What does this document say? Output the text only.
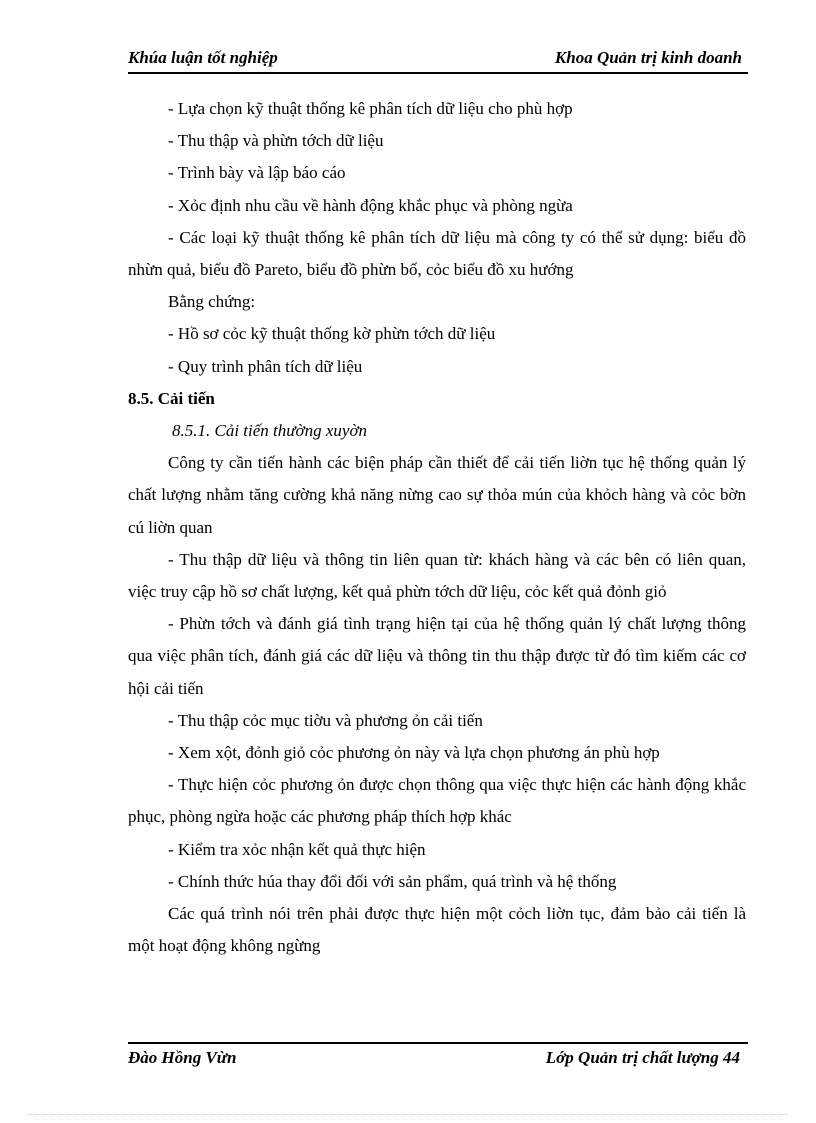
Khúa luận tốt nghiệp	Khoa Quản trị kinh doanh

- Lựa chọn kỹ thuật thống kê phân tích dữ liệu cho phù hợp

- Thu thập và phừn tớch dữ liệu

- Trình bày và lập báo cáo

- Xỏc định nhu cầu về hành động khắc phục và phòng ngừa

- Các loại kỹ thuật thống kê phân tích dữ liệu mà công ty có thể sử dụng: biểu đồ nhừn quả, biểu đồ Pareto, biểu đồ phừn bố, cỏc biểu đồ xu hướng

Bằng chứng:

- Hồ sơ cỏc kỹ thuật thống kờ phừn tớch dữ liệu

- Quy trình phân tích dữ liệu

8.5. Cải tiến

8.5.1. Cải tiến thường xuyờn

Công ty cần tiến hành các biện pháp cần thiết để cải tiến liờn tục hệ thống quản lý chất lượng nhằm tăng cường khả năng nừng cao sự thỏa mún của khỏch hàng và cỏc bờn cú liờn quan

- Thu thập dữ liệu và thông tin liên quan từ: khách hàng và các bên có liên quan, việc truy cập hồ sơ chất lượng, kết quả phừn tớch dữ liệu, cỏc kết quả đỏnh giỏ

- Phừn tớch và đánh giá tình trạng hiện tại của hệ thống quản lý chất lượng thông qua việc phân tích, đánh giá các dữ liệu và thông tin thu thập được từ đó tìm kiếm các cơ hội cải tiến

- Thu thập cỏc mục tiờu và phương ỏn cải tiến

- Xem xột, đỏnh giỏ cỏc phương ỏn này và lựa chọn phương án phù hợp

- Thực hiện cỏc phương ỏn được chọn thông qua việc thực hiện các hành động khắc phục, phòng ngừa hoặc các phương pháp thích hợp khác

- Kiểm tra xỏc nhận kết quả thực hiện

- Chính thức húa thay đổi đối với sản phẩm, quá trình và hệ thống

Các quá trình nói trên phải được thực hiện một cỏch liờn tục, đảm bảo cải tiến là một hoạt động không ngừng

Đào Hồng Vừn	Lớp Quản trị chất lượng 44
